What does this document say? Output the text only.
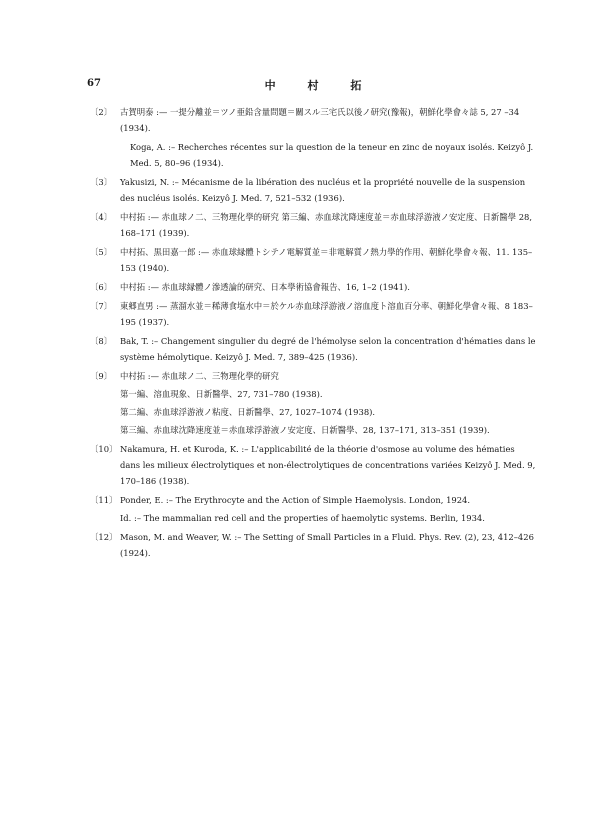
67	中 村 拓
〔2〕 古賀明泰 :— 一提分離並＝ツノ亜鉛含量問題＝關スル三宅氏以後ノ研究(豫報)，朝鮮化學會々誌 5, 27 –34 (1934).
Koga, A. :– Recherches récentes sur la question de la teneur en zinc de noyaux isolés. Keizyô J. Med. 5, 80–96 (1934).
〔3〕 Yakusizi, N. :– Mécanisme de la libération des nucléus et la propriété nouvelle de la suspension des nucléus isolés. Keizyô J. Med. 7, 521–532 (1936).
〔4〕 中村拓 :— 赤血球ノ二、三物理化學的研究 第三編、赤血球沈降速度並＝赤血球浮游液ノ安定度、日新醫學 28, 168–171 (1939).
〔5〕 中村拓、黒田嘉一郎 :— 赤血球縁體トシテノ電解質並＝非電解質ノ熱力學的作用、朝鮮化學會々報、11. 135–153 (1940).
〔6〕 中村拓 :— 赤血球縁體ノ滲透論的研究、日本學術協會報告、16, 1–2 (1941).
〔7〕 東郷直男 :— 蒸溜水並＝稀薄食塩水中＝於ケル赤血球浮游液ノ溶血度ト溶血百分率、朝鮮化學會々報、8 183–195 (1937).
〔8〕 Bak, T. :– Changement singulier du degré de l'hémolyse selon la concentration d'hématies dans le système hémolytique. Keizyô J. Med. 7, 389–425 (1936).
〔9〕 中村拓 :— 赤血球ノ二、三物理化學的研究
第一編、溶血現象、日新醫學、27, 731–780 (1938).
第二編、赤血球浮游液ノ粘度、日新醫學、27, 1027–1074 (1938).
第三編、赤血球沈降速度並＝赤血球浮游液ノ安定度、日新醫學、28, 137–171, 313–351 (1939).
〔10〕 Nakamura, H. et Kuroda, K. :– L'applicabilité de la théorie d'osmose au volume des hématies dans les milieux électrolytiques et non-électrolytiques de concentrations variées Keizyô J. Med. 9, 170–186 (1938).
〔11〕 Ponder, E. :– The Erythrocyte and the Action of Simple Haemolysis. London, 1924.
Id. :– The mammalian red cell and the properties of haemolytic systems. Berlin, 1934.
〔12〕 Mason, M. and Weaver, W. :– The Setting of Small Particles in a Fluid. Phys. Rev. (2), 23, 412–426 (1924).
